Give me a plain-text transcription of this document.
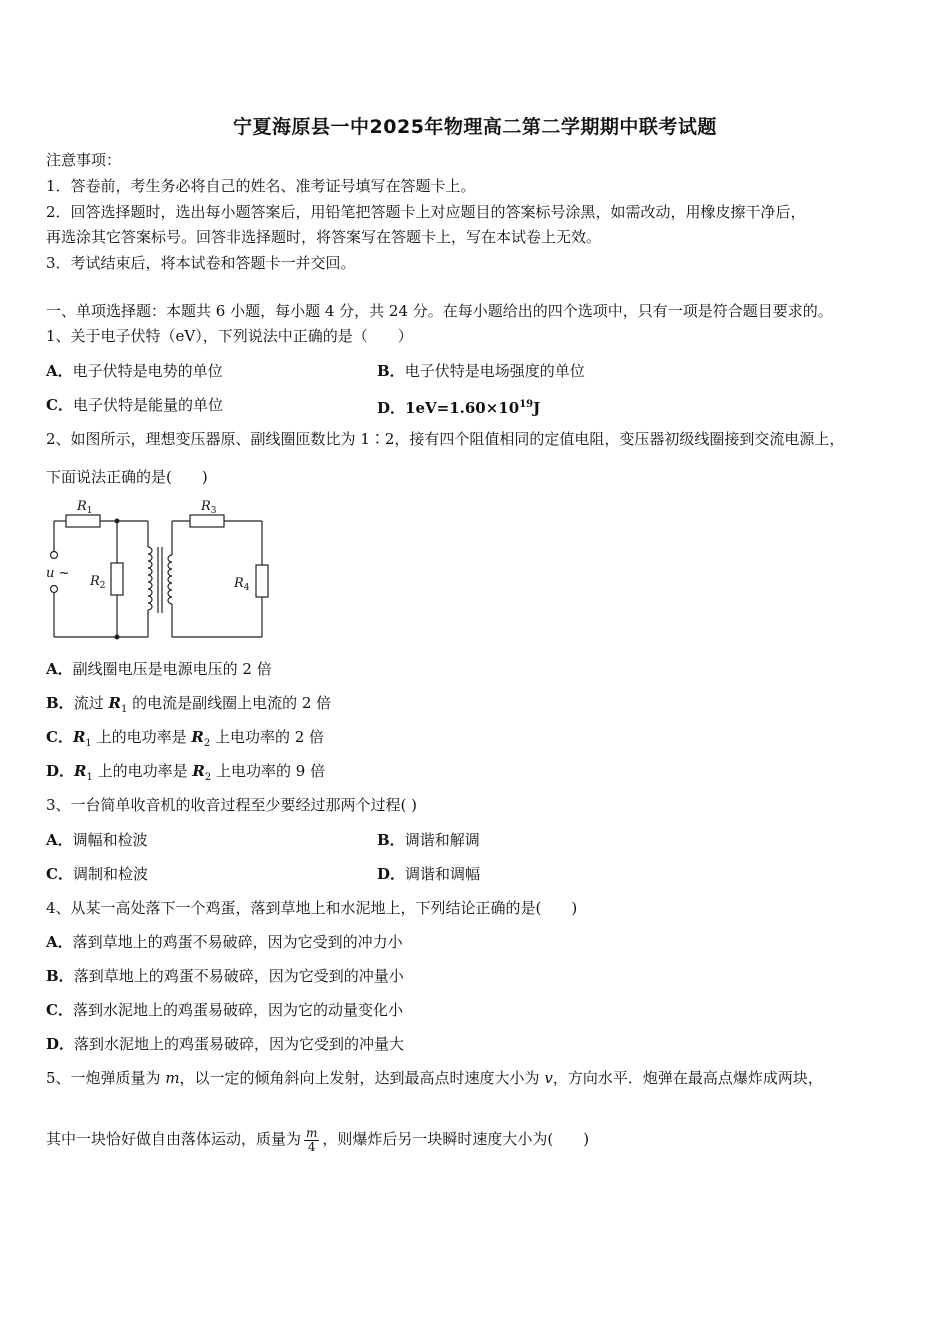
宁夏海原县一中2025年物理高二第二学期期中联考试题
注意事项：
1．答卷前，考生务必将自己的姓名、准考证号填写在答题卡上。
2．回答选择题时，选出每小题答案后，用铅笔把答题卡上对应题目的答案标号涂黑，如需改动，用橡皮擦干净后，
再选涂其它答案标号。回答非选择题时，将答案写在答题卡上，写在本试卷上无效。
3．考试结束后，将本试卷和答题卡一并交回。
一、单项选择题：本题共 6 小题，每小题 4 分，共 24 分。在每小题给出的四个选项中，只有一项是符合题目要求的。
1、关于电子伏特（eV），下列说法中正确的是（　　）
A．电子伏特是电势的单位	B．电子伏特是电场强度的单位
C．电子伏特是能量的单位	D．$1eV=1.60\times 10^{19}J$
2、如图所示，理想变压器原、副线圈匝数比为 1∶2，接有四个阻值相同的定值电阻，变压器初级线圈接到交流电源上，
下面说法正确的是(　　)
$R_1$
$R_2$
$R_3$
$R_4$
u ~
A．副线圈电压是电源电压的 2 倍
B．流过 $R_1$ 的电流是副线圈上电流的 2 倍
C．$R_1$ 上的电功率是 $R_2$ 上电功率的 2 倍
D．$R_1$ 上的电功率是 $R_2$ 上电功率的 9 倍
3、一台简单收音机的收音过程至少要经过那两个过程( )
A．调幅和检波	B．调谐和解调
C．调制和检波	D．调谐和调幅
4、从某一高处落下一个鸡蛋，落到草地上和水泥地上，下列结论正确的是(　　)
A．落到草地上的鸡蛋不易破碎，因为它受到的冲力小
B．落到草地上的鸡蛋不易破碎，因为它受到的冲量小
C．落到水泥地上的鸡蛋易破碎，因为它的动量变化小
D．落到水泥地上的鸡蛋易破碎，因为它受到的冲量大
5、一炮弹质量为 m，以一定的倾角斜向上发射，达到最高点时速度大小为 v，方向水平．炮弹在最高点爆炸成两块，
其中一块恰好做自由落体运动，质量为 $\frac{m}{4}$ ，则爆炸后另一块瞬时速度大小为(　　)
